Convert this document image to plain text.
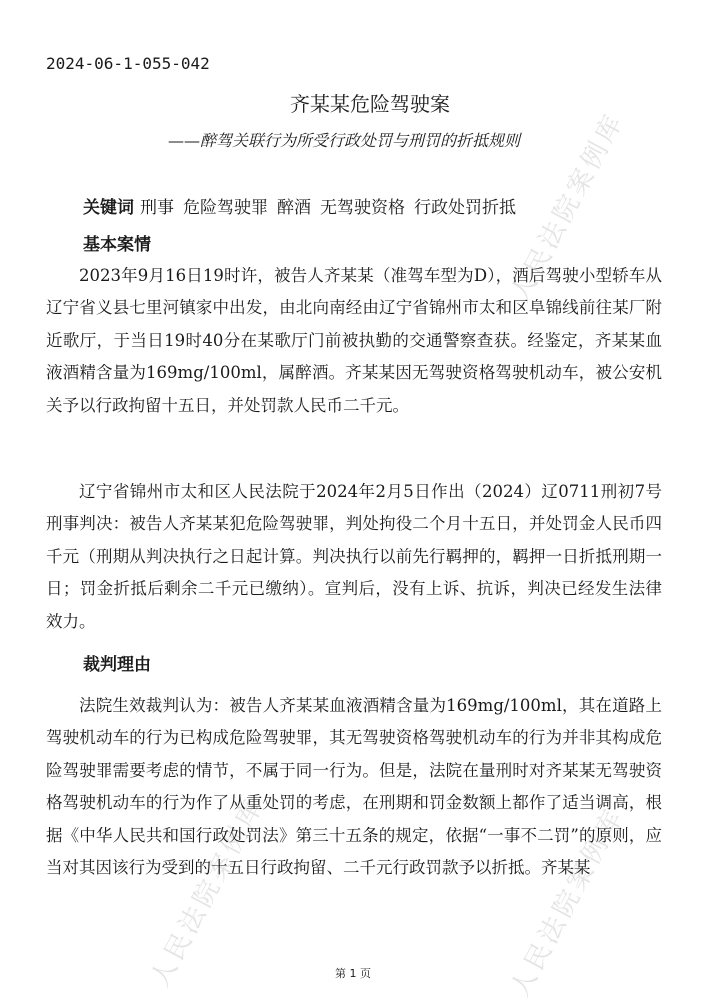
人民法院案例库
人民法院案例库	人民法院案例库
2024-06-1-055-042
齐某某危险驾驶案
——醉驾关联行为所受行政处罚与刑罚的折抵规则
关键词 刑事 危险驾驶罪 醉酒 无驾驶资格 行政处罚折抵
基本案情

2023年9月16日19时许，被告人齐某某（准驾车型为D），酒后驾驶小型轿车从辽宁省义县七里河镇家中出发，由北向南经由辽宁省锦州市太和区阜锦线前往某厂附近歌厅，于当日19时40分在某歌厅门前被执勤的交通警察查获。经鉴定，齐某某血液酒精含量为169mg/100ml，属醉酒。齐某某因无驾驶资格驾驶机动车，被公安机关予以行政拘留十五日，并处罚款人民币二千元。

辽宁省锦州市太和区人民法院于2024年2月5日作出（2024）辽0711刑初7号刑事判决：被告人齐某某犯危险驾驶罪，判处拘役二个月十五日，并处罚金人民币四千元（刑期从判决执行之日起计算。判决执行以前先行羁押的，羁押一日折抵刑期一日；罚金折抵后剩余二千元已缴纳）。宣判后，没有上诉、抗诉，判决已经发生法律效力。

裁判理由

法院生效裁判认为：被告人齐某某血液酒精含量为169mg/100ml，其在道路上驾驶机动车的行为已构成危险驾驶罪，其无驾驶资格驾驶机动车的行为并非其构成危险驾驶罪需要考虑的情节，不属于同一行为。但是，法院在量刑时对齐某某无驾驶资格驾驶机动车的行为作了从重处罚的考虑，在刑期和罚金数额上都作了适当调高，根据《中华人民共和国行政处罚法》第三十五条的规定，依据“一事不二罚”的原则，应当对其因该行为受到的十五日行政拘留、二千元行政罚款予以折抵。齐某某

第 1 页
